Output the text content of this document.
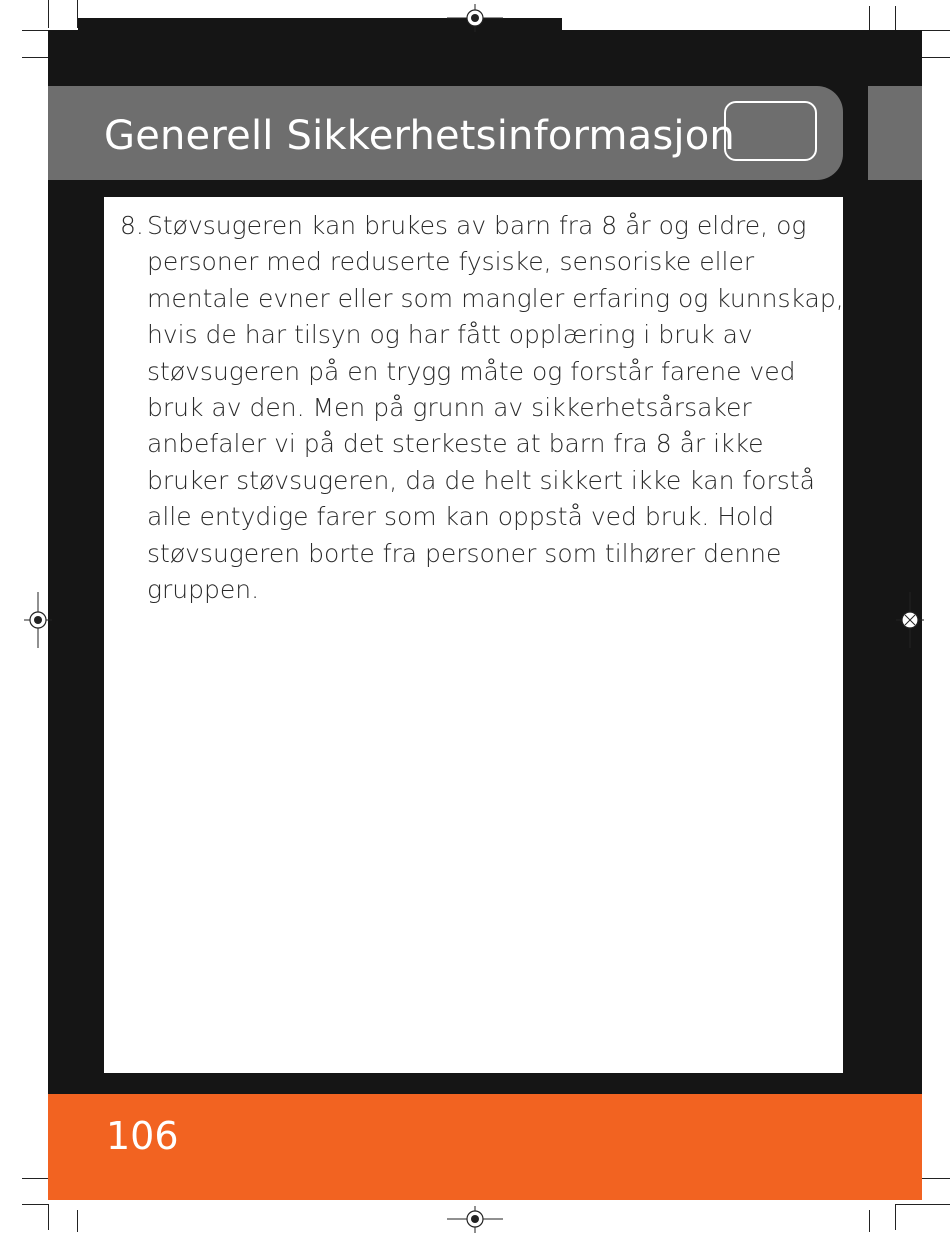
Generell Sikkerhetsinformasjon
8. Støvsugeren kan brukes av barn fra 8 år og eldre, og
personer med reduserte fysiske, sensoriske eller
mentale evner eller som mangler erfaring og kunnskap,
hvis de har tilsyn og har fått opplæring i bruk av
støvsugeren på en trygg måte og forstår farene ved
bruk av den. Men på grunn av sikkerhetsårsaker
anbefaler vi på det sterkeste at barn fra 8 år ikke
bruker støvsugeren, da de helt sikkert ikke kan forstå
alle entydige farer som kan oppstå ved bruk. Hold
støvsugeren borte fra personer som tilhører denne
gruppen.

106
